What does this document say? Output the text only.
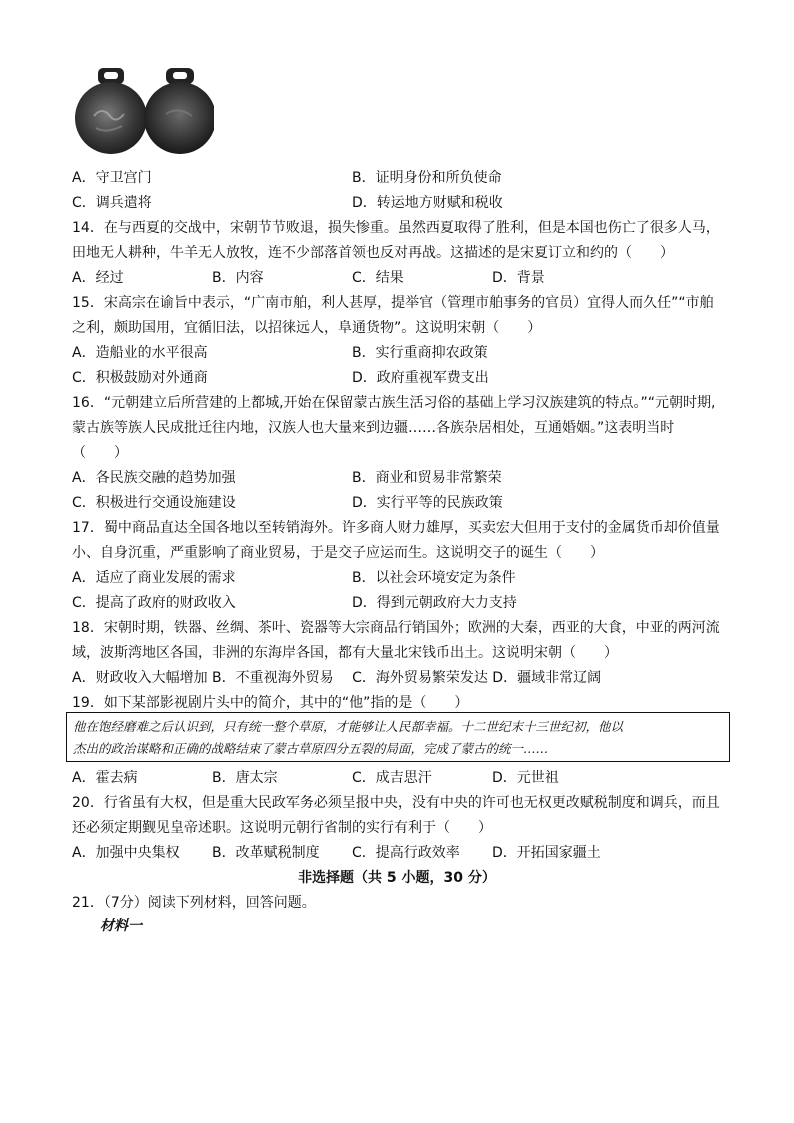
A．守卫宫门	B．证明身份和所负使命
C．调兵遣将	D．转运地方财赋和税收
14．在与西夏的交战中，宋朝节节败退，损失惨重。虽然西夏取得了胜利，但是本国也伤亡了很多人马，
田地无人耕种，牛羊无人放牧，连不少部落首领也反对再战。这描述的是宋夏订立和约的（　　）
A．经过	B．内容	C．结果	D．背景
15．宋高宗在谕旨中表示，“广南市舶，利人甚厚，提举官（管理市舶事务的官员）宜得人而久任”“市舶
之利，颇助国用，宜循旧法，以招徕远人，阜通货物”。这说明宋朝（　　）
A．造船业的水平很高	B．实行重商抑农政策
C．积极鼓励对外通商	D．政府重视军费支出
16．“元朝建立后所营建的上都城,开始在保留蒙古族生活习俗的基础上学习汉族建筑的特点。”“元朝时期,
蒙古族等族人民成批迁往内地，汉族人也大量来到边疆……各族杂居相处，互通婚姻。”这表明当时
（　　）
A．各民族交融的趋势加强	B．商业和贸易非常繁荣
C．积极进行交通设施建设	D．实行平等的民族政策
17．蜀中商品直达全国各地以至转销海外。许多商人财力雄厚，买卖宏大但用于支付的金属货币却价值量
小、自身沉重，严重影响了商业贸易，于是交子应运而生。这说明交子的诞生（　　）
A．适应了商业发展的需求	B．以社会环境安定为条件
C．提高了政府的财政收入	D．得到元朝政府大力支持
18．宋朝时期，铁器、丝绸、茶叶、瓷器等大宗商品行销国外；欧洲的大秦，西亚的大食，中亚的两河流
域，波斯湾地区各国，非洲的东海岸各国，都有大量北宋钱币出土。这说明宋朝（　　）
A．财政收入大幅增加 B．不重视海外贸易　 C．海外贸易繁荣发达 D．疆域非常辽阔
19．如下某部影视剧片头中的简介，其中的“他”指的是（　　）
他在饱经磨难之后认识到，只有统一整个草原，才能够让人民都幸福。十二世纪末十三世纪初，他以
杰出的政治谋略和正确的战略结束了蒙古草原四分五裂的局面，完成了蒙古的统一……
A．霍去病	B．唐太宗	C．成吉思汗	D．元世祖
20．行省虽有大权，但是重大民政军务必须呈报中央，没有中央的许可也无权更改赋税制度和调兵，而且
还必须定期觐见皇帝述职。这说明元朝行省制的实行有利于（　　）
A．加强中央集权 B．改革赋税制度 C．提高行政效率 D．开拓国家疆土
非选择题（共 5 小题，30 分）
21．（7分）阅读下列材料，回答问题。
材料一
